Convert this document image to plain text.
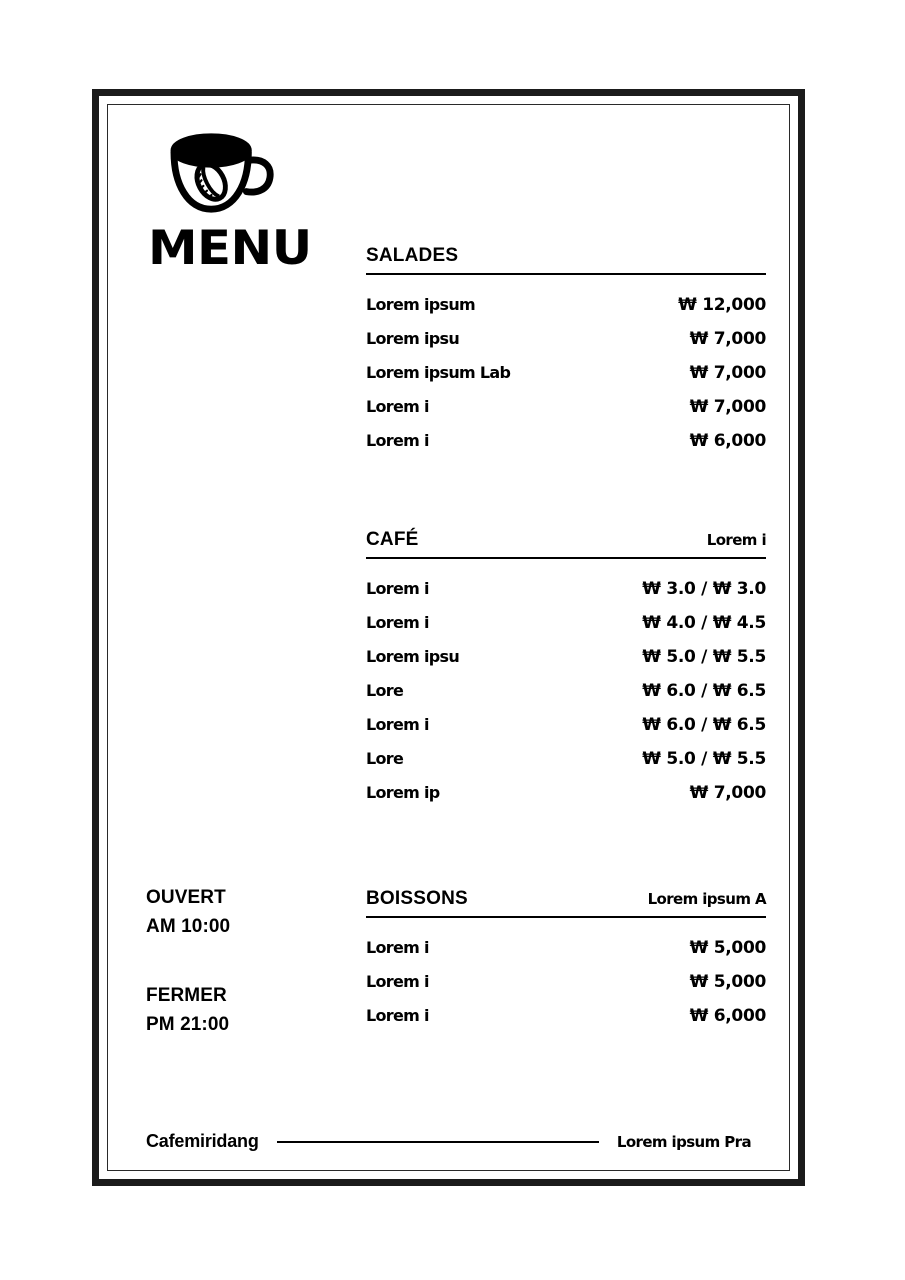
MENU	SALADES
Lorem ipsum	₩ 12,000
Lorem ipsu	₩ 7,000
Lorem ipsum Lab	₩ 7,000
Lorem i	₩ 7,000
Lorem i	₩ 6,000
CAFÉ	Lorem i
Lorem i	₩ 3.0 / ₩ 3.0
Lorem i	₩ 4.0 / ₩ 4.5
Lorem ipsu	₩ 5.0 / ₩ 5.5
Lore	₩ 6.0 / ₩ 6.5
Lorem i	₩ 6.0 / ₩ 6.5
Lore	₩ 5.0 / ₩ 5.5
Lorem ip	₩ 7,000
BOISSONS	Lorem ipsum A
Lorem i	₩ 5,000
Lorem i	₩ 5,000
Lorem i	₩ 6,000
OUVERT
AM 10:00
FERMER
PM 21:00
Cafemiridang	Lorem ipsum Pra
